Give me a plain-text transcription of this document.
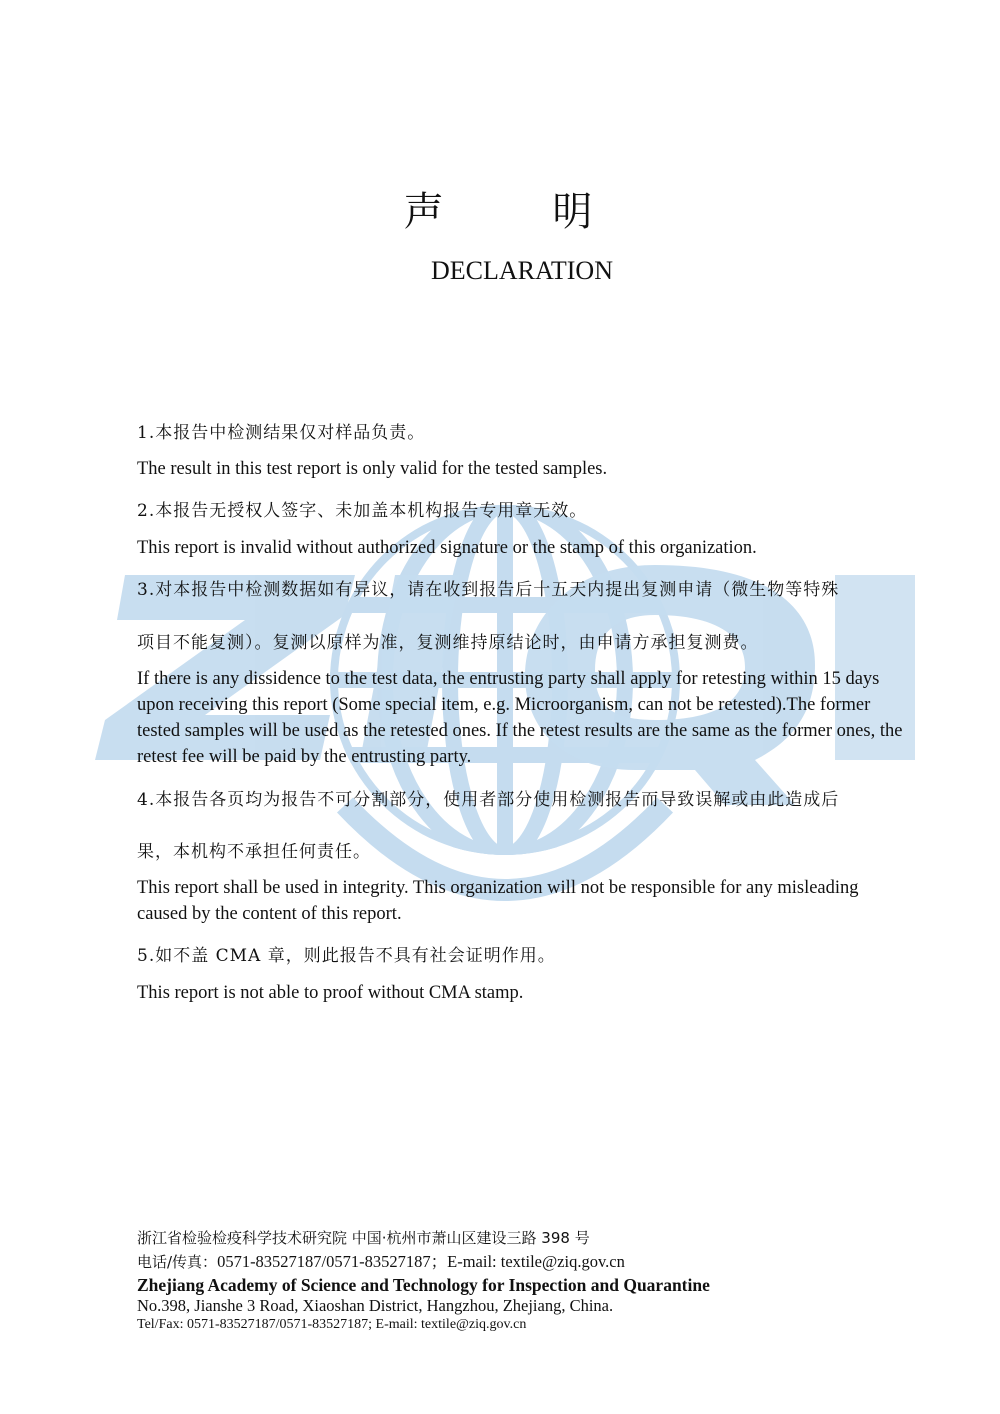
声 明
DECLARATION
1.本报告中检测结果仅对样品负责。
The result in this test report is only valid for the tested samples.
2.本报告无授权人签字、未加盖本机构报告专用章无效。
This report is invalid without authorized signature or the stamp of this organization.
3.对本报告中检测数据如有异议，请在收到报告后十五天内提出复测申请（微生物等特殊
项目不能复测）。复测以原样为准，复测维持原结论时，由申请方承担复测费。
If there is any dissidence to the test data, the entrusting party shall apply for retesting within 15 days upon receiving this report (Some special item, e.g. Microorganism, can not be retested).The former tested samples will be used as the retested ones. If the retest results are the same as the former ones, the retest fee will be paid by the entrusting party.
4.本报告各页均为报告不可分割部分，使用者部分使用检测报告而导致误解或由此造成后
果，本机构不承担任何责任。
This report shall be used in integrity. This organization will not be responsible for any misleading caused by the content of this report.
5.如不盖 CMA 章，则此报告不具有社会证明作用。
This report is not able to proof without CMA stamp.
浙江省检验检疫科学技术研究院 中国·杭州市萧山区建设三路 398 号
电话/传真：0571-83527187/0571-83527187；E-mail: textile@ziq.gov.cn
Zhejiang Academy of Science and Technology for Inspection and Quarantine
No.398, Jianshe 3 Road, Xiaoshan District, Hangzhou, Zhejiang, China.
Tel/Fax: 0571-83527187/0571-83527187; E-mail: textile@ziq.gov.cn
